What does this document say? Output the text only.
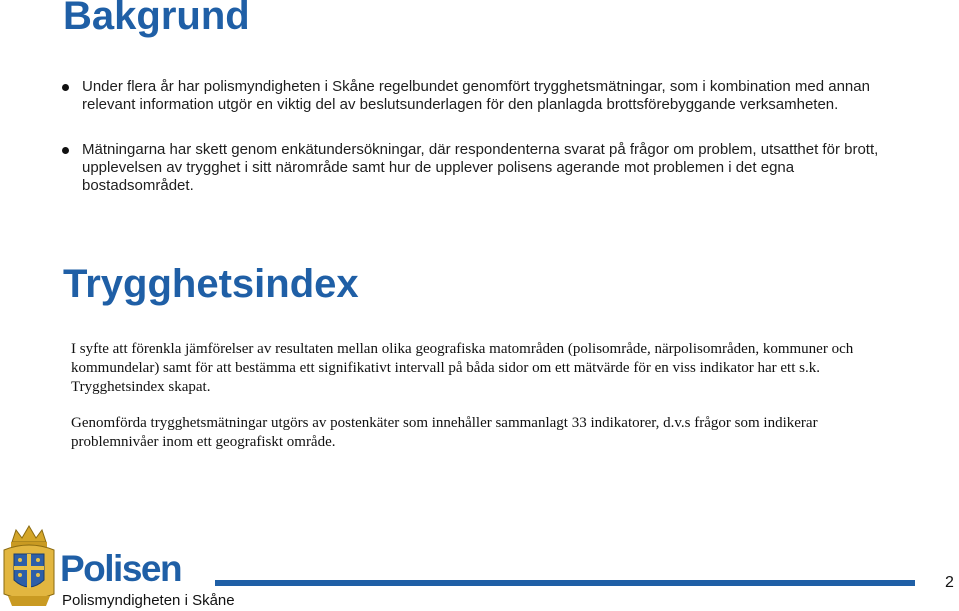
Bakgrund
Under flera år har polismyndigheten i Skåne regelbundet genomfört trygghetsmätningar, som i kombination med annan relevant information utgör en viktig del av beslutsunderlagen för den planlagda brottsförebyggande verksamheten.
Mätningarna har skett genom enkätundersökningar, där respondenterna svarat på frågor om problem, utsatthet för brott, upplevelsen av trygghet i sitt närområde samt hur de upplever polisens agerande mot problemen i det egna bostadsområdet.
Trygghetsindex

I syfte att förenkla jämförelser av resultaten mellan olika geografiska matområden (polisområde, närpolisområden, kommuner och kommundelar) samt för att bestämma ett signifikativt intervall på båda sidor om ett mätvärde för en viss indikator har ett s.k. Trygghetsindex skapat.

Genomförda trygghetsmätningar utgörs av postenkäter som innehåller sammanlagt 33 indikatorer, d.v.s frågor som indikerar problemnivåer inom ett geografiskt område.

Polisen
Polismyndigheten i Skåne
2
